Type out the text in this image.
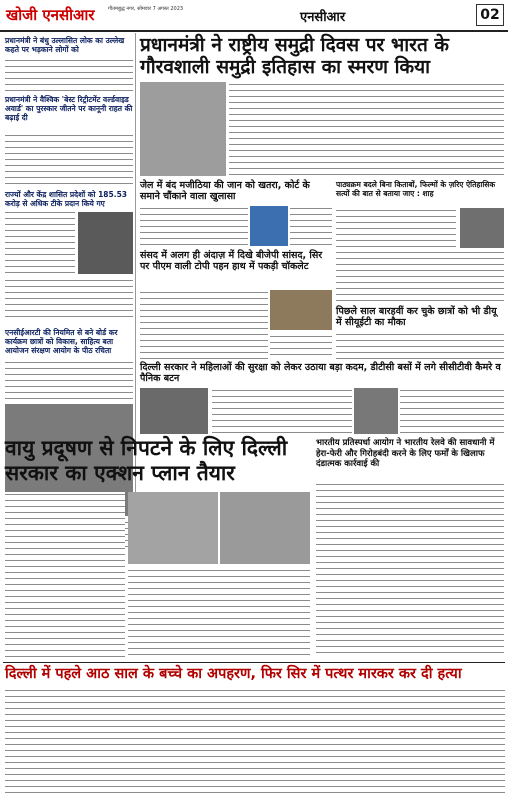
खोजी एनसीआर	गौतमबुद्ध नगर, सोमवार 7 अगस्त 2023
एनसीआर	02
प्रधानमंत्री ने बंधु उल्लासित लोक का उल्लेख कहते पर भड़काने लोगों को
प्रधानमंत्री ने वैश्विक 'बेस्ट रिट्रीटमेंट वर्ल्डवाइड अवार्ड' का पुरस्कार जीतने पर कानूनी राहत की बढ़ाई दी
राज्यों और केंद्र शासित प्रदेशों को 185.53 करोड़ से अधिक टीके प्रदान किये गए
एनसीईआरटी की नियमित से बने बोर्ड कर कार्यक्रम छात्रों को विकास, साहित्य बता आयोजन संरक्षण आयोग के पीठ रचिता
प्रधानमंत्री ने राष्ट्रीय समुद्री दिवस पर भारत के गौरवशाली समुद्री इतिहास का स्मरण किया
जेल में बंद मजीठिया की जान को खतरा, कोर्ट के समाने चौंकाने वाला खुलासा
पाठ्यक्रम बदले बिना किताबों, फिल्मों के ज़रिए ऐतिहासिक सत्यों की बात से बताया जाए : शाह
संसद में अलग ही अंदाज़ में दिखे बीजेपी सांसद, सिर पर पीएम वाली टोपी पहन हाथ में पकड़ी चॉकलेट
पिछले साल बारहवीं कर चुके छात्रों को भी डीयू में सीयूईटी का मौका
दिल्ली सरकार ने महिलाओं की सुरक्षा को लेकर उठाया बड़ा कदम, डीटीसी बसों में लगे सीसीटीवी कैमरे व पैनिक बटन
वायु प्रदूषण से निपटने के लिए दिल्ली सरकार का एक्शन प्लान तैयार
भारतीय प्रतिस्पर्धा आयोग ने भारतीय रेलवे की सावधानी में हेरा-फेरी और गिरोहबंदी करने के लिए फर्मों के खिलाफ दंडात्मक कार्रवाई की
दिल्ली में पहले आठ साल के बच्चे का अपहरण, फिर सिर में पत्थर मारकर कर दी हत्या
